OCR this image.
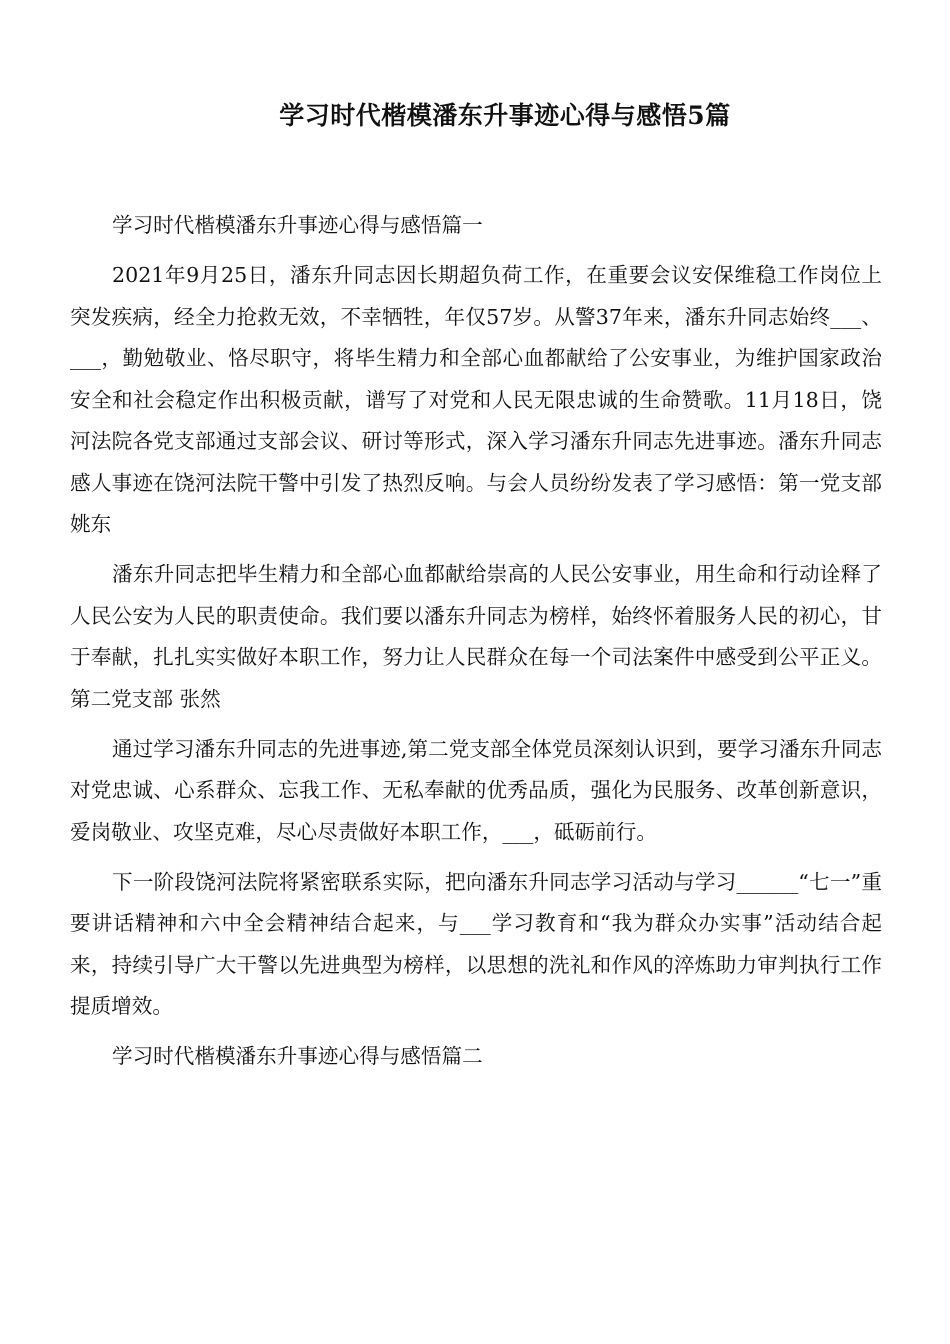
学习时代楷模潘东升事迹心得与感悟5篇

学习时代楷模潘东升事迹心得与感悟篇一

2021年9月25日，潘东升同志因长期超负荷工作，在重要会议安保维稳工作岗位上突发疾病，经全力抢救无效，不幸牺牲，年仅57岁。从警37年来，潘东升同志始终___、___，勤勉敬业、恪尽职守，将毕生精力和全部心血都献给了公安事业，为维护国家政治安全和社会稳定作出积极贡献，谱写了对党和人民无限忠诚的生命赞歌。11月18日，饶河法院各党支部通过支部会议、研讨等形式，深入学习潘东升同志先进事迹。潘东升同志感人事迹在饶河法院干警中引发了热烈反响。与会人员纷纷发表了学习感悟：第一党支部 姚东

潘东升同志把毕生精力和全部心血都献给崇高的人民公安事业，用生命和行动诠释了人民公安为人民的职责使命。我们要以潘东升同志为榜样，始终怀着服务人民的初心，甘于奉献，扎扎实实做好本职工作，努力让人民群众在每一个司法案件中感受到公平正义。第二党支部 张然

通过学习潘东升同志的先进事迹,第二党支部全体党员深刻认识到，要学习潘东升同志对党忠诚、心系群众、忘我工作、无私奉献的优秀品质，强化为民服务、改革创新意识，爱岗敬业、攻坚克难，尽心尽责做好本职工作，___，砥砺前行。

下一阶段饶河法院将紧密联系实际，把向潘东升同志学习活动与学习______“七一”重要讲话精神和六中全会精神结合起来，与___学习教育和“我为群众办实事”活动结合起来，持续引导广大干警以先进典型为榜样，以思想的洗礼和作风的淬炼助力审判执行工作提质增效。

学习时代楷模潘东升事迹心得与感悟篇二
